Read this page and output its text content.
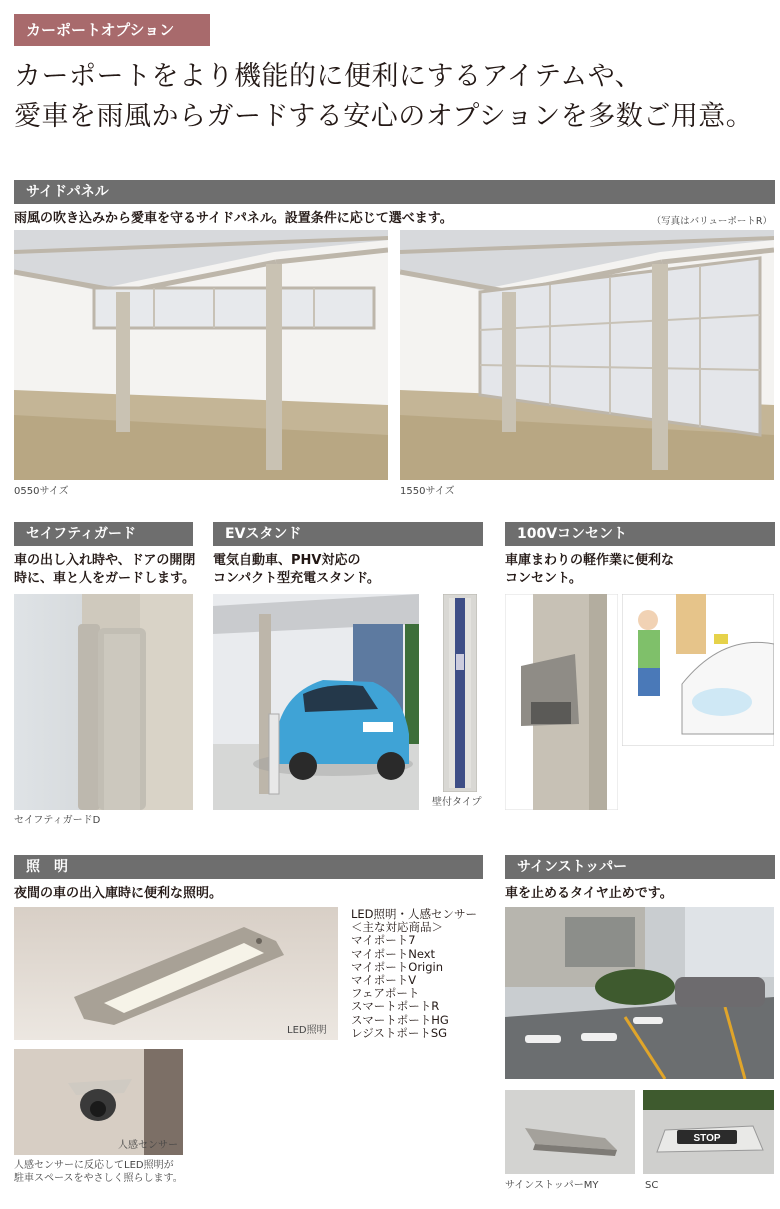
カーポートオプション
カーポートをより機能的に便利にするアイテムや、
愛車を雨風からガードする安心のオプションを多数ご用意。
サイドパネル
雨風の吹き込みから愛車を守るサイドパネル。設置条件に応じて選べます。	（写真はバリューポートR）
0550サイズ	1550サイズ
セイフティガード
車の出し入れ時や、ドアの開閉
時に、車と人をガードします。
セイフティガードD
EVスタンド
電気自動車、PHV対応の
コンパクト型充電スタンド。
壁付タイプ
100Vコンセント
車庫まわりの軽作業に便利な
コンセント。
照　明
夜間の車の出入庫時に便利な照明。
LED照明
LED照明・人感センサー
＜主な対応商品＞
マイポート7
マイポートNext
マイポートOrigin
マイポートV
フェアポート
スマートポートR
スマートポートHG
レジストポートSG
人感センサー
人感センサーに反応してLED照明が
駐車スペースをやさしく照らします。
サインストッパー
車を止めるタイヤ止めです。
STOP
サインストッパーMY	SC
